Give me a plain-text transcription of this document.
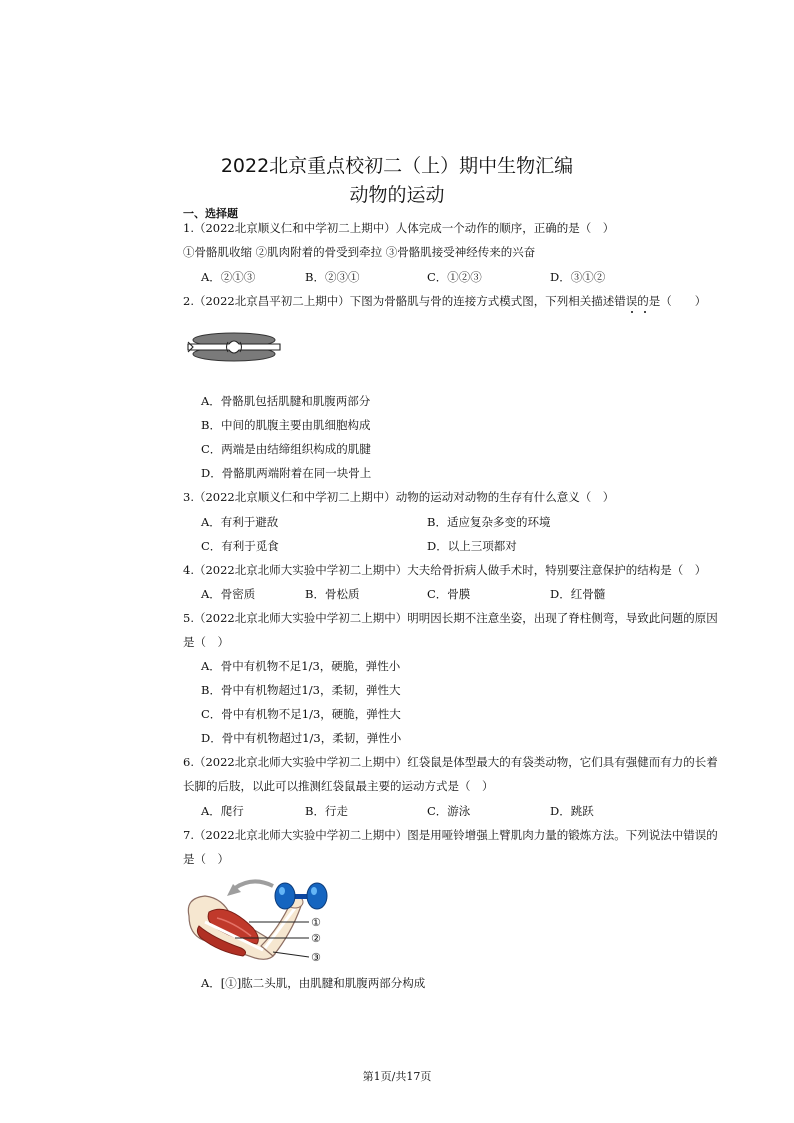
2022北京重点校初二（上）期中生物汇编
动物的运动
一、选择题
1.（2022北京顺义仁和中学初二上期中）人体完成一个动作的顺序，正确的是（　）
①骨骼肌收缩 ②肌肉附着的骨受到牵拉 ③骨骼肌接受神经传来的兴奋
A．②①③	B．②③①	C．①②③	D．③①②
2.（2022北京昌平初二上期中）下图为骨骼肌与骨的连接方式模式图，下列相关描述错误的是（　　）
A．骨骼肌包括肌腱和肌腹两部分
B．中间的肌腹主要由肌细胞构成
C．两端是由结缔组织构成的肌腱
D．骨骼肌两端附着在同一块骨上
3.（2022北京顺义仁和中学初二上期中）动物的运动对动物的生存有什么意义（　）
A．有利于避敌	B．适应复杂多变的环境
C．有利于觅食	D．以上三项都对
4.（2022北京北师大实验中学初二上期中）大夫给骨折病人做手术时，特别要注意保护的结构是（　）
A．骨密质	B．骨松质	C．骨膜	D．红骨髓
5.（2022北京北师大实验中学初二上期中）明明因长期不注意坐姿，出现了脊柱侧弯，导致此问题的原因
是（　）
A．骨中有机物不足1/3，硬脆，弹性小
B．骨中有机物超过1/3，柔韧，弹性大
C．骨中有机物不足1/3，硬脆，弹性大
D．骨中有机物超过1/3，柔韧，弹性小
6.（2022北京北师大实验中学初二上期中）红袋鼠是体型最大的有袋类动物，它们具有强健而有力的长着
长脚的后肢，以此可以推测红袋鼠最主要的运动方式是（　）
A．爬行	B．行走	C．游泳	D．跳跃
7.（2022北京北师大实验中学初二上期中）图是用哑铃增强上臂肌肉力量的锻炼方法。下列说法中错误的
是（　）
①
②
③
A．[①]肱二头肌，由肌腱和肌腹两部分构成
第1页/共17页
